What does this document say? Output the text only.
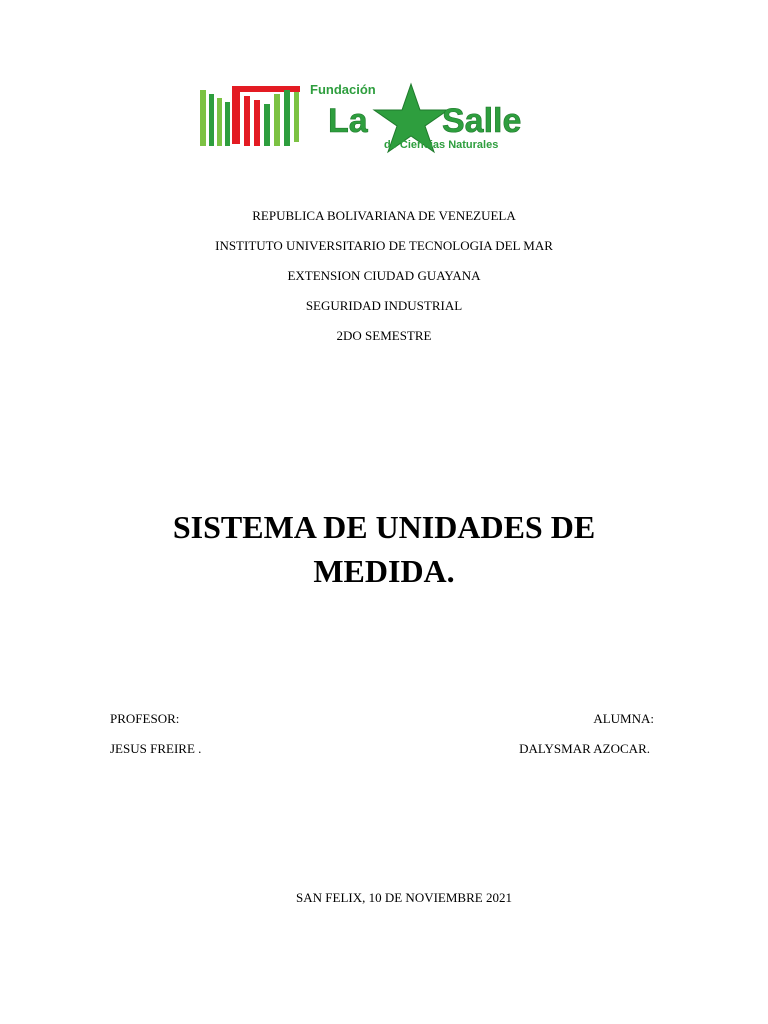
Fundación
La Salle
de Ciencias Naturales
REPUBLICA BOLIVARIANA DE VENEZUELA
INSTITUTO UNIVERSITARIO DE TECNOLOGIA DEL MAR
EXTENSION CIUDAD GUAYANA
SEGURIDAD INDUSTRIAL
2DO SEMESTRE
SISTEMA DE UNIDADES DE
MEDIDA.
PROFESOR:
JESUS FREIRE .
ALUMNA:
DALYSMAR AZOCAR.
SAN FELIX, 10 DE NOVIEMBRE 2021
